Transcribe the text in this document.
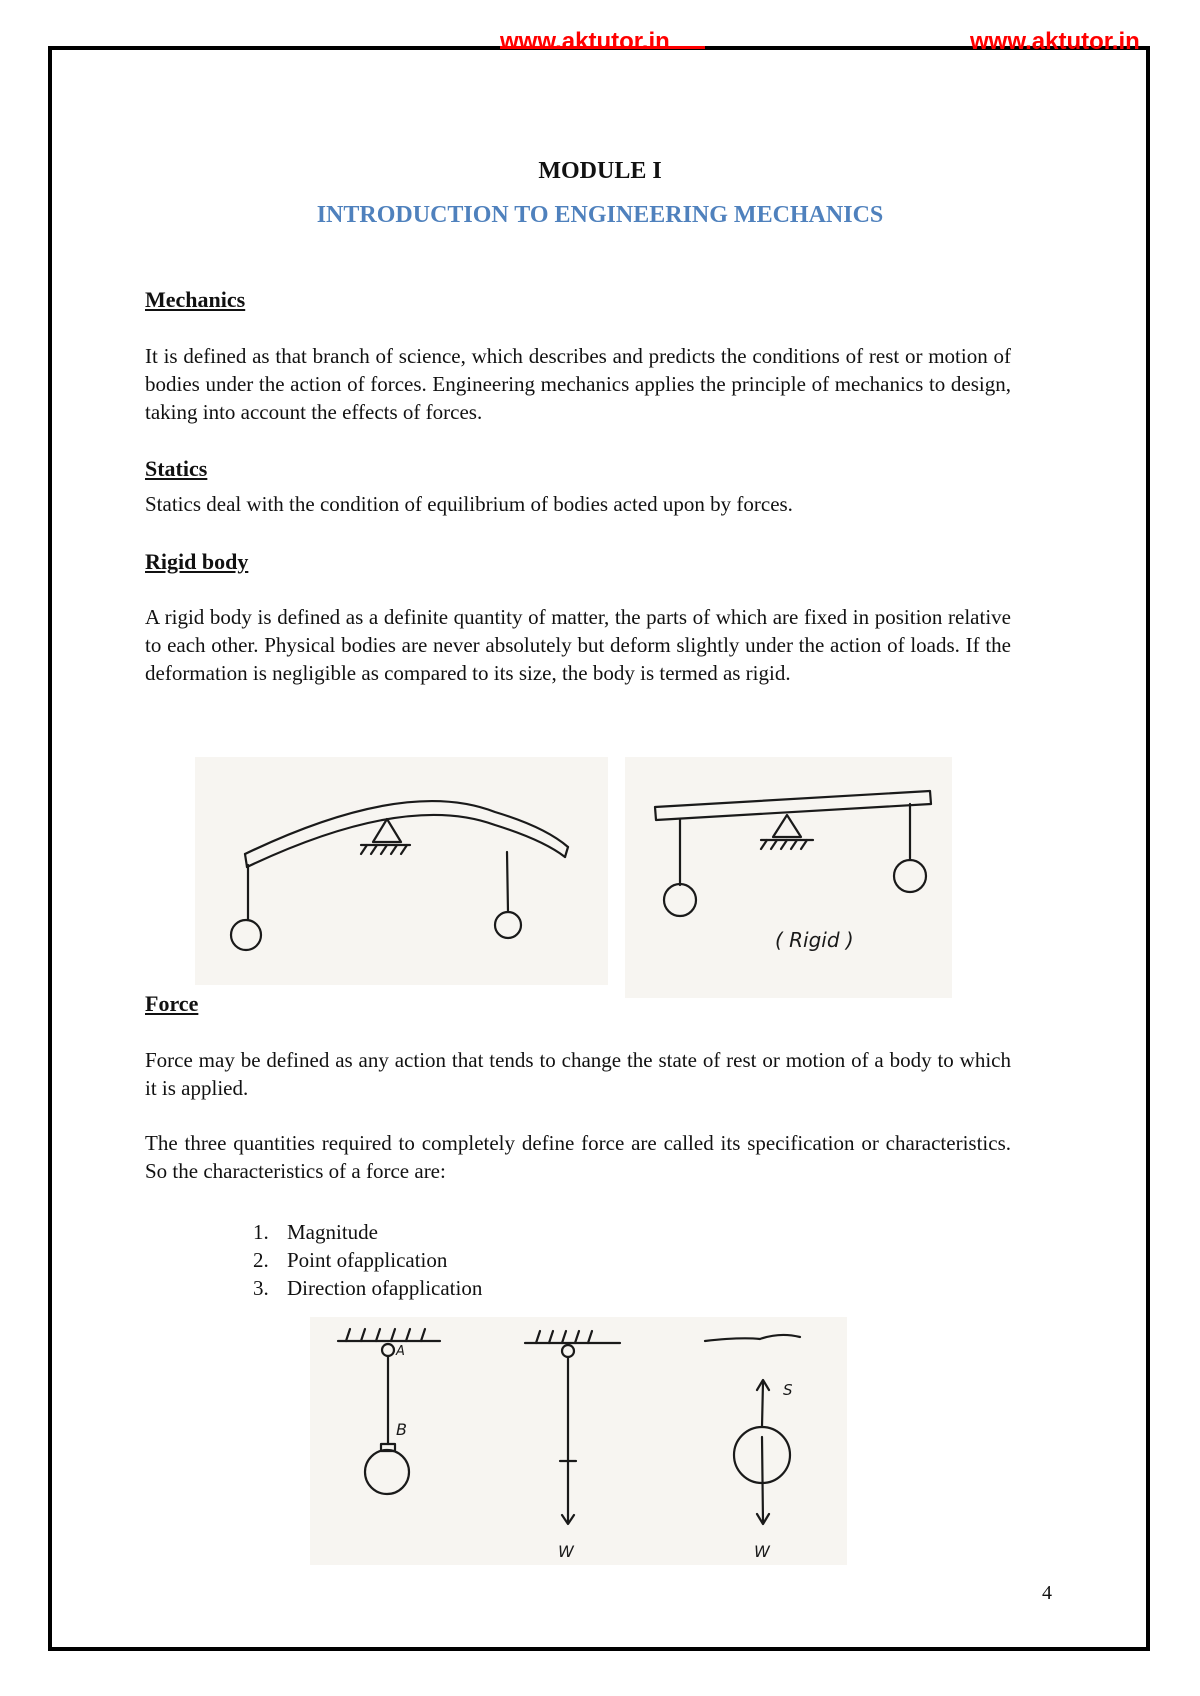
www.aktutor.in	www.aktutor.in
MODULE I
INTRODUCTION TO ENGINEERING MECHANICS
Mechanics

It is defined as that branch of science, which describes and predicts the conditions of rest or motion of bodies under the action of forces. Engineering mechanics applies the principle of mechanics to design, taking into account the effects of forces.

Statics

Statics deal with the condition of equilibrium of bodies acted upon by forces.

Rigid body

A rigid body is defined as a definite quantity of matter, the parts of which are fixed in position relative to each other. Physical bodies are never absolutely but deform slightly under the action of loads. If the deformation is negligible as compared to its size, the body is termed as rigid.

( Rigid )
Force

Force may be defined as any action that tends to change the state of rest or motion of a body to which it is applied.

The three quantities required to completely define force are called its specification or characteristics. So the characteristics of a force are:

1. Magnitude
2. Point ofapplication
3. Direction ofapplication
A
B
W
S
W
4
